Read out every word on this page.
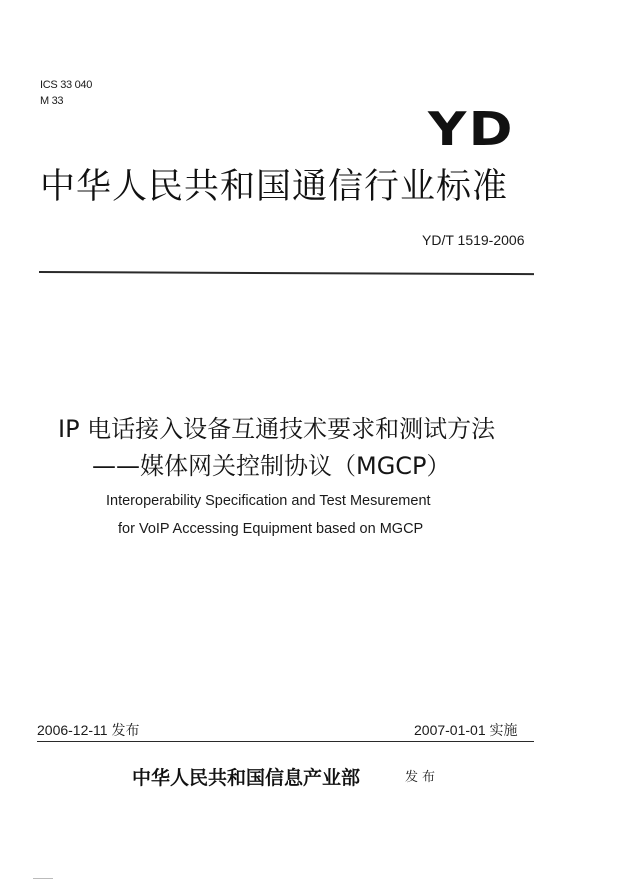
ICS 33 040
M 33
YD
中华人民共和国通信行业标准
YD/T 1519-2006
IP 电话接入设备互通技术要求和测试方法
——媒体网关控制协议（MGCP）
Interoperability Specification and Test Mesurement
for VoIP Accessing Equipment based on MGCP
2006-12-11 发布	2007-01-01 实施
中华人民共和国信息产业部	发布
